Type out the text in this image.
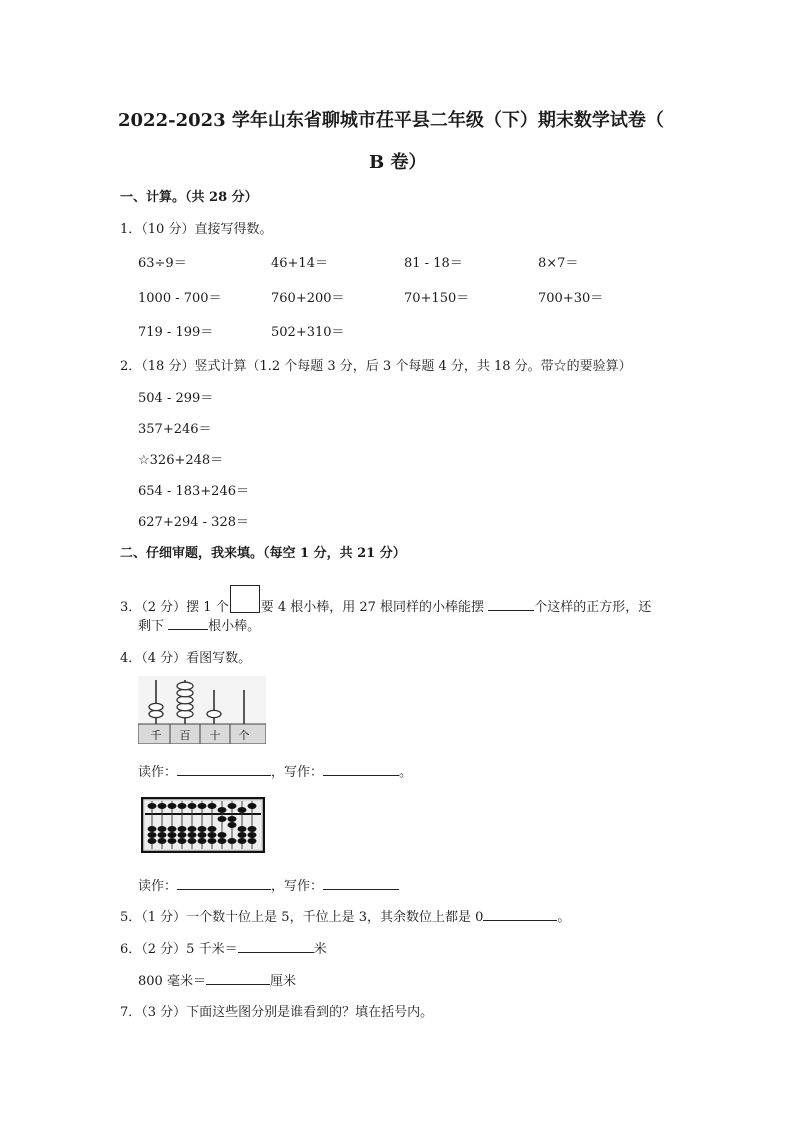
2022-2023 学年山东省聊城市茌平县二年级（下）期末数学试卷（
B 卷）
一、计算。（共 28 分）
1．（10 分）直接写得数。
63÷9＝	46+14＝	81 - 18＝	8×7＝
1000 - 700＝	760+200＝	70+150＝	700+30＝
719 - 199＝	502+310＝
2．（18 分）竖式计算（1.2 个每题 3 分，后 3 个每题 4 分，共 18 分。带☆的要验算）
504 - 299＝
357+246＝
☆326+248＝
654 - 183+246＝
627+294 - 328＝
二、仔细审题，我来填。（每空 1 分，共 21 分）
3．（2 分）摆 1 个 要 4 根小棒，用 27 根同样的小棒能摆	个这样的正方形，还
剩下	根小棒。
4．（4 分）看图写数。
千 百 十 个
读作：	，写作：	。
读作：	，写作：
5．（1 分）一个数十位上是 5，千位上是 3，其余数位上都是 0	。
6．（2 分）5 千米＝	米
800 毫米＝	厘米
7．（3 分）下面这些图分别是谁看到的？填在括号内。
